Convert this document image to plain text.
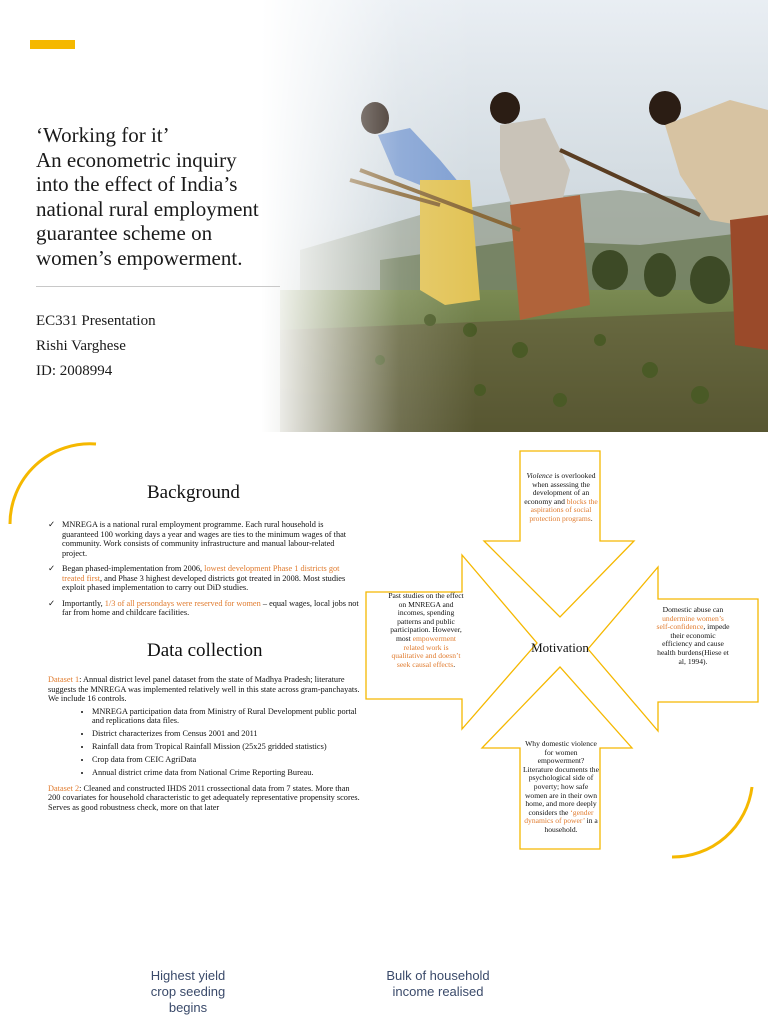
‘Working for it’
An econometric inquiry
into the effect of India’s
national rural employment
guarantee scheme on
women’s empowerment.
EC331 Presentation
Rishi Varghese
ID: 2008994
Background
✓ MNREGA is a national rural employment programme. Each rural household is guaranteed 100 working days a year and wages are ties to the minimum wages of that community. Work consists of community infrastructure and manual labour-related project.
✓ Began phased-implementation from 2006, lowest development Phase 1 districts got treated first, and Phase 3 highest developed districts got treated in 2008. Most studies exploit phased implementation to carry out DiD studies.
✓ Importantly, 1/3 of all persondays were reserved for women – equal wages, local jobs not far from home and childcare facilities.
Data collection

Dataset 1: Annual district level panel dataset from the state of Madhya Pradesh; literature suggests the MNREGA was implemented relatively well in this state across gram-panchayats. We include 16 controls.

• MNREGA participation data from Ministry of Rural Development public portal and replications data files.
• District characterizes from Census 2001 and 2011
• Rainfall data from Tropical Rainfall Mission (25x25 gridded statistics)
• Crop data from CEIC AgriData
• Annual district crime data from National Crime Reporting Bureau.

Dataset 2: Cleaned and constructed IHDS 2011 crossectional data from 7 states. More than 200 covariates for household characteristic to get adequately representative propensity scores. Serves as good robustness check, more on that later

Violence is overlooked when assessing the development of an economy and blocks the aspirations of social protection programs.
Past studies on the effect on MNREGA and incomes, spending patterns and public participation. However, most empowerment related work is qualitative and doesn’t seek causal effects.
Motivation
Domestic abuse can undermine women’s self-confidence, impede their economic efficiency and cause health burdens(Hiese et al, 1994).
Why domestic violence for women empowerment? Literature documents the psychological side of poverty; how safe women are in their own home, and more deeply considers the ‘gender dynamics of power’ in a household.
Highest yield crop seeding begins
Bulk of household income realised
